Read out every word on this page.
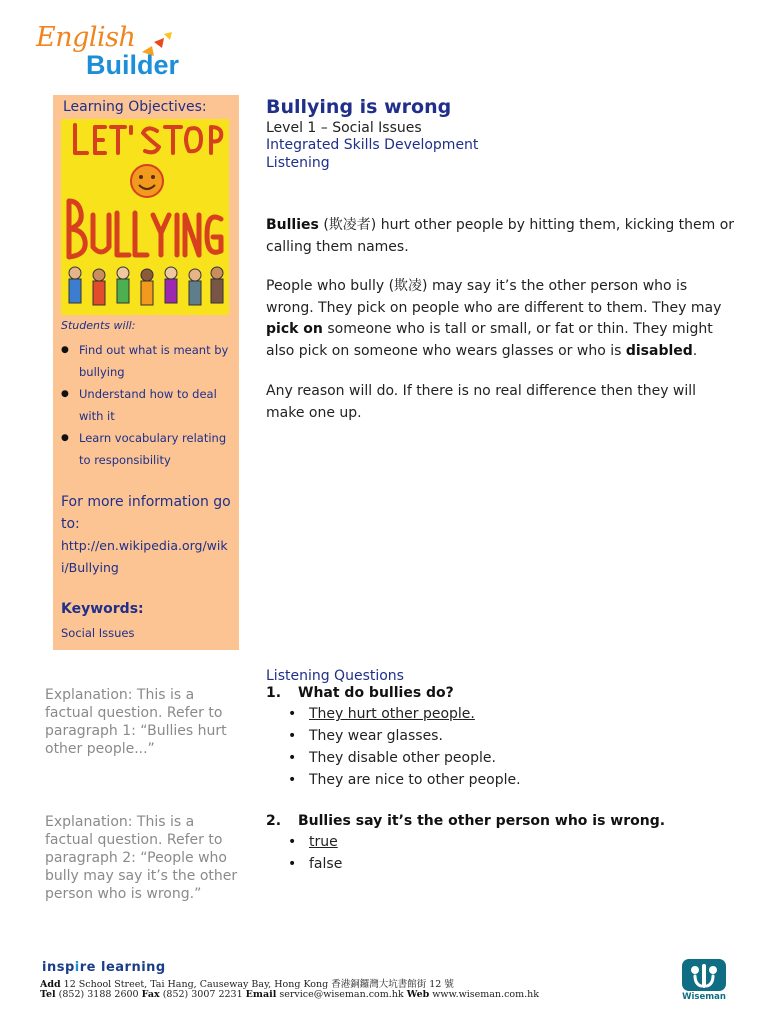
English
Builder
Learning Objectives:
Students will:
● Find out what is meant by bullying
● Understand how to deal with it
● Learn vocabulary relating to responsibility
For more information go to:
http://en.wikipedia.org/wiki/Bullying
Keywords:
Social Issues
Bullying is wrong
Level 1 – Social Issues
Integrated Skills Development
Listening

Bullies (欺凌者) hurt other people by hitting them, kicking them or calling them names.

People who bully (欺凌) may say it’s the other person who is wrong. They pick on people who are different to them. They may pick on someone who is tall or small, or fat or thin. They might also pick on someone who wears glasses or who is disabled.

Any reason will do. If there is no real difference then they will make one up.

Listening Questions

Explanation: This is a factual question. Refer to paragraph 1: “Bullies hurt other people...”

1. What do bullies do?
• They hurt other people.
• They wear glasses.
• They disable other people.
• They are nice to other people.

Explanation: This is a factual question. Refer to paragraph 2: “People who bully may say it’s the other person who is wrong.”

2. Bullies say it’s the other person who is wrong.
• true
• false
inspire learning
Add 12 School Street, Tai Hang, Causeway Bay, Hong Kong 香港銅鑼灣大坑書館街 12 號
Tel (852) 3188 2600 Fax (852) 3007 2231 Email service@wiseman.com.hk Web www.wiseman.com.hk	Wiseman
